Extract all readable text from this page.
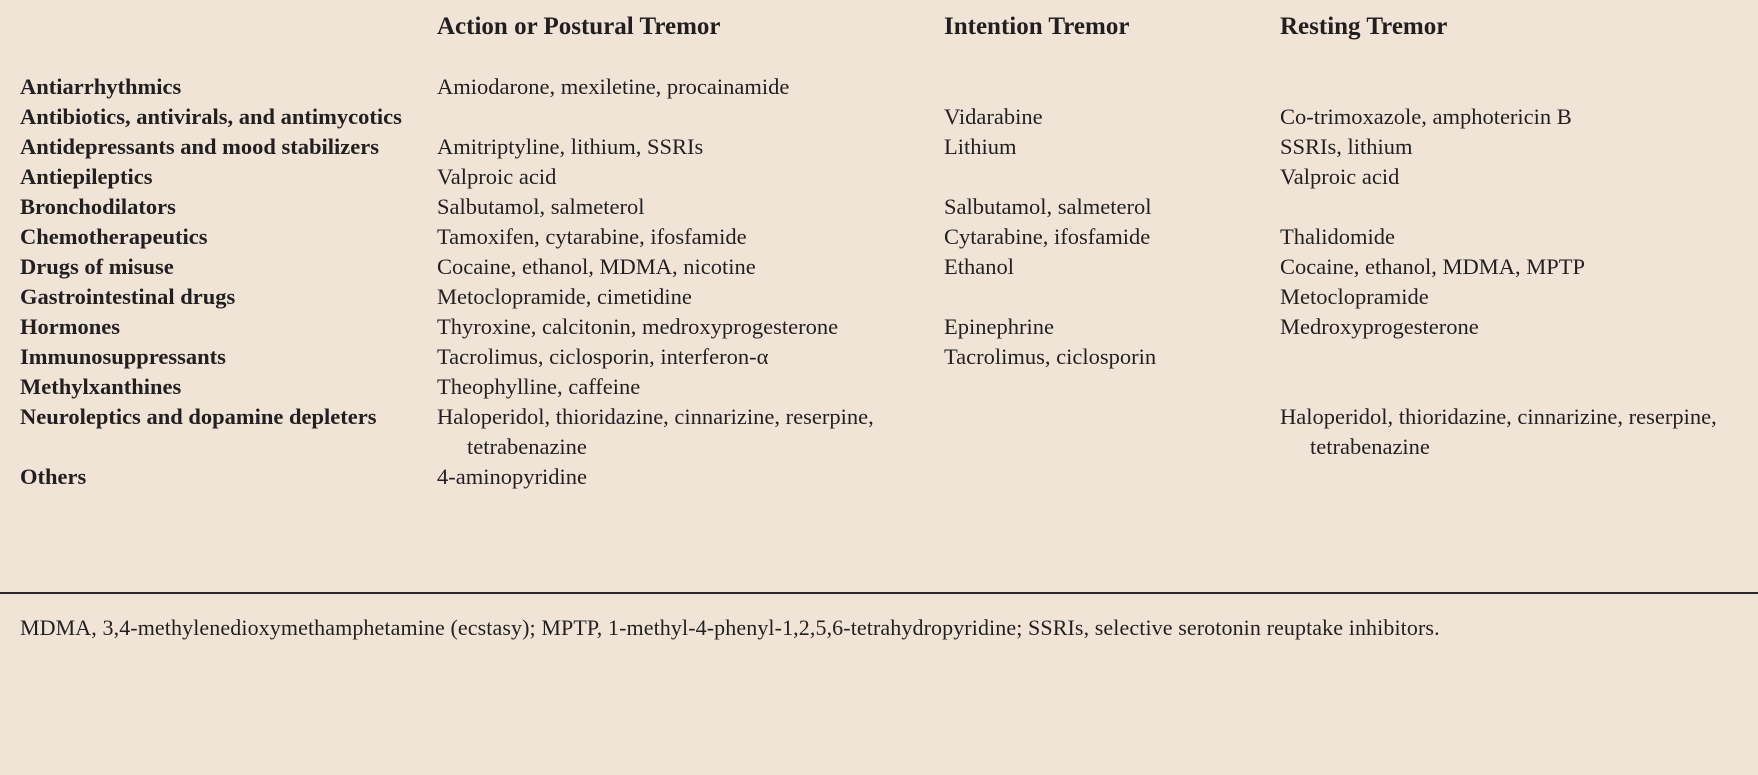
	Action or Postural Tremor	Intention Tremor	Resting Tremor

Antiarrhythmics	Amiodarone, mexiletine, procainamide		

Antibiotics, antivirals, and antimycotics		Vidarabine	Co-trimoxazole, amphotericin B

Antidepressants and mood stabilizers	Amitriptyline, lithium, SSRIs	Lithium	SSRIs, lithium

Antiepileptics	Valproic acid		Valproic acid

Bronchodilators	Salbutamol, salmeterol	Salbutamol, salmeterol	

Chemotherapeutics	Tamoxifen, cytarabine, ifosfamide	Cytarabine, ifosfamide	Thalidomide

Drugs of misuse	Cocaine, ethanol, MDMA, nicotine	Ethanol	Cocaine, ethanol, MDMA, MPTP

Gastrointestinal drugs	Metoclopramide, cimetidine		Metoclopramide

Hormones	Thyroxine, calcitonin, medroxyprogesterone	Epinephrine	Medroxyprogesterone

Immunosuppressants	Tacrolimus, ciclosporin, interferon-α	Tacrolimus, ciclosporin	

Methylxanthines	Theophylline, caffeine		

Neuroleptics and dopamine depleters	Haloperidol, thioridazine, cinnarizine, reserpine, tetrabenazine		Haloperidol, thioridazine, cinnarizine, reserpine, tetrabenazine

Others	4-aminopyridine		

MDMA, 3,4-methylenedioxymethamphetamine (ecstasy); MPTP, 1-methyl-4-phenyl-1,2,5,6-tetrahydropyridine; SSRIs, selective serotonin reuptake inhibitors.
